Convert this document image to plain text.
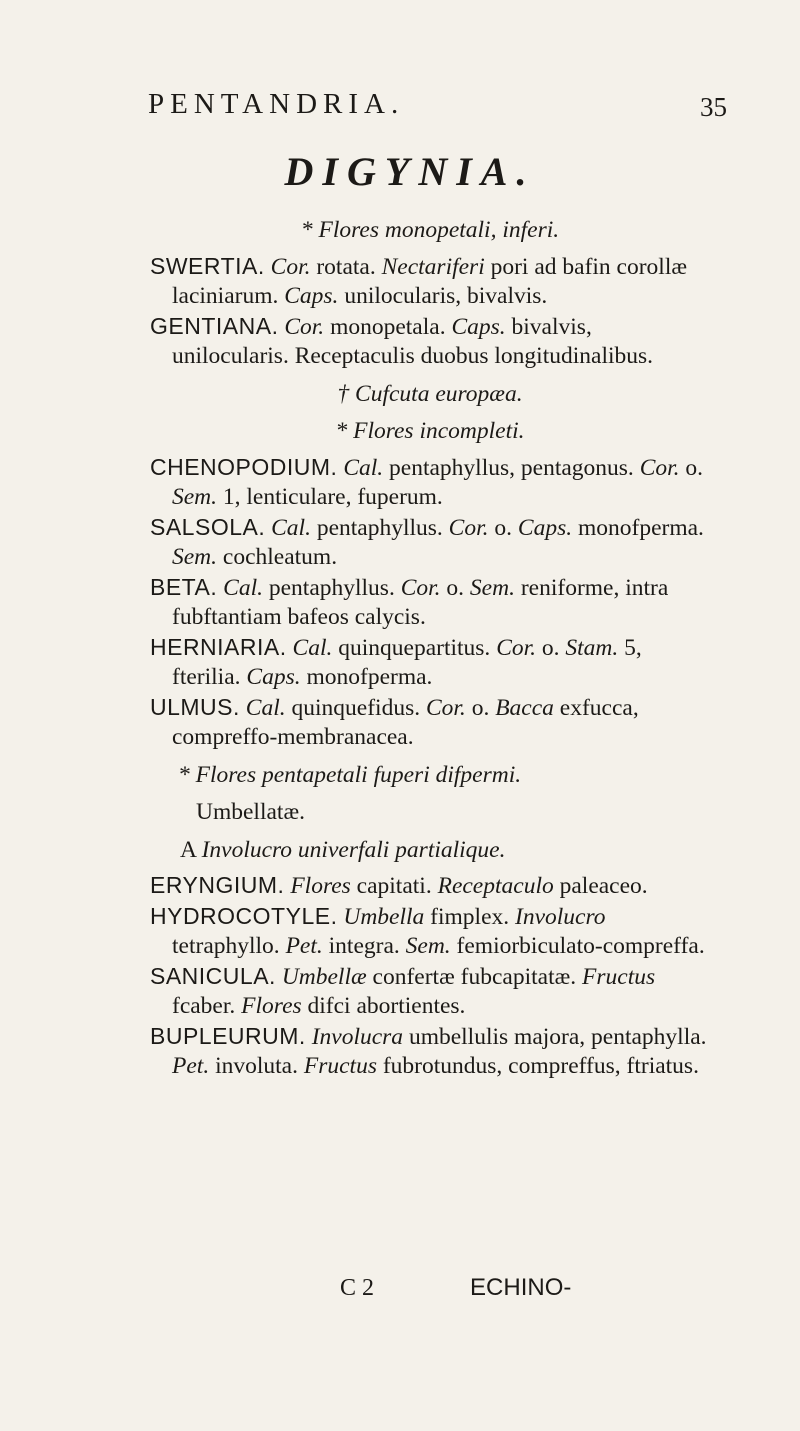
PENTANDRIA.	35
DIGYNIA.
* Flores monopetali, inferi.
SWERTIA. Cor. rotata. Nectariferi pori ad bafin corollæ laciniarum. Caps. unilocularis, bivalvis.
GENTIANA. Cor. monopetala. Caps. bivalvis, unilocularis. Receptaculis duobus longitudinalibus.
† Cufcuta europæa.
* Flores incompleti.
CHENOPODIUM. Cal. pentaphyllus, pentagonus. Cor. o. Sem. 1, lenticulare, fuperum.
SALSOLA. Cal. pentaphyllus. Cor. o. Caps. monofperma. Sem. cochleatum.
BETA. Cal. pentaphyllus. Cor. o. Sem. reniforme, intra fubftantiam bafeos calycis.
HERNIARIA. Cal. quinquepartitus. Cor. o. Stam. 5, fterilia. Caps. monofperma.
ULMUS. Cal. quinquefidus. Cor. o. Bacca exfucca, compreffo-membranacea.
* Flores pentapetali fuperi difpermi.
Umbellatæ.
A Involucro univerfali partialique.
ERYNGIUM. Flores capitati. Receptaculo paleaceo.
HYDROCOTYLE. Umbella fimplex. Involucro tetraphyllo. Pet. integra. Sem. femiorbiculato-compreffa.
SANICULA. Umbellæ confertæ fubcapitatæ. Fructus fcaber. Flores difci abortientes.
BUPLEURUM. Involucra umbellulis majora, pentaphylla. Pet. involuta. Fructus fubrotundus, compreffus, ftriatus.
C 2	ECHINO-
